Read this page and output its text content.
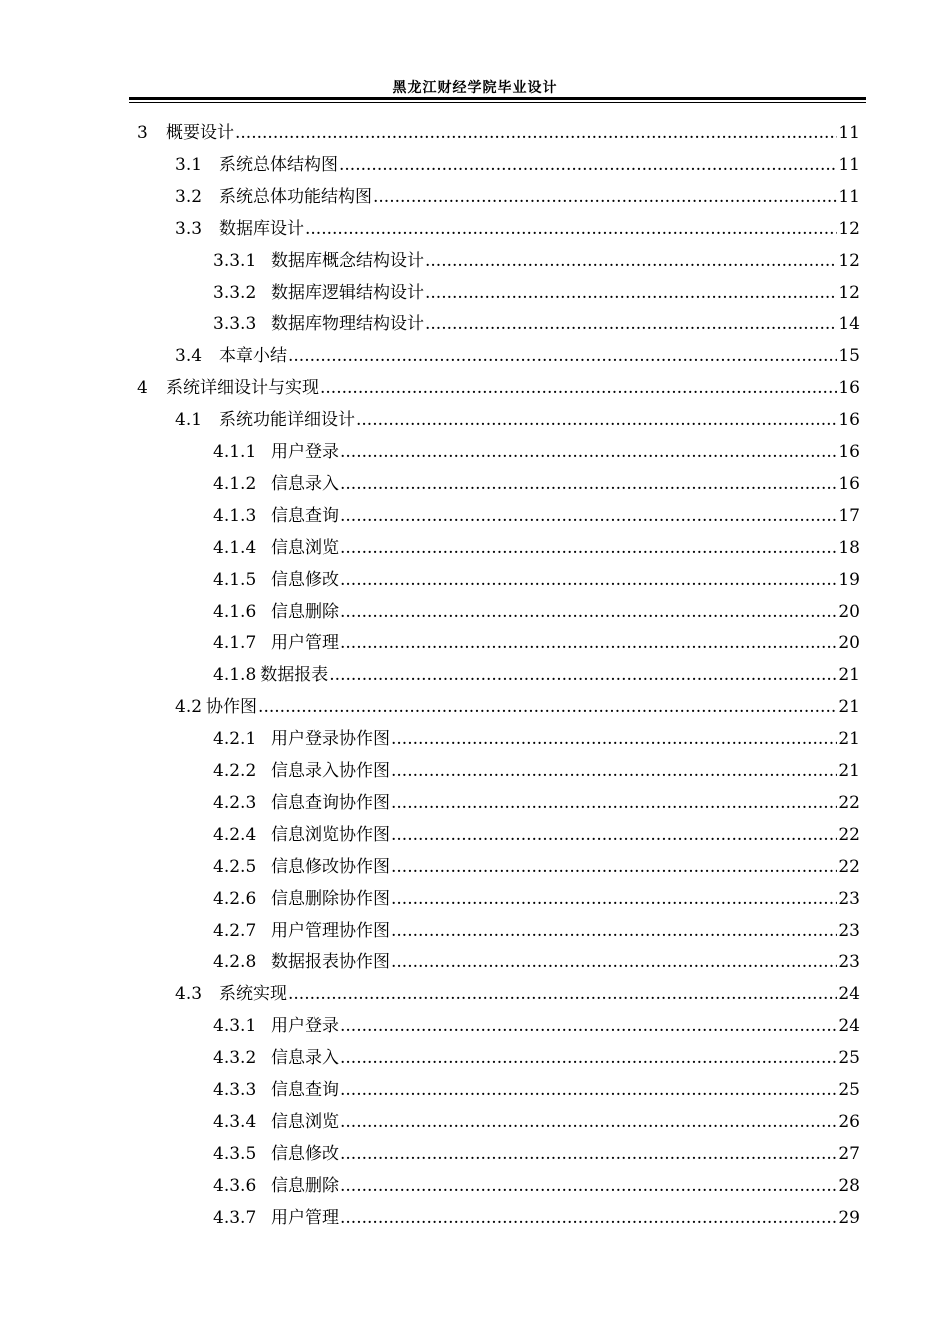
黑龙江财经学院毕业设计
3	概要设计 .....	11
3.1 系统总体结构图 .....	11
3.2 系统总体功能结构图 .....	11
3.3 数据库设计 .....	12
3.3.1 数据库概念结构设计 .....	12
3.3.2 数据库逻辑结构设计 .....	12
3.3.3 数据库物理结构设计 .....	14
3.4 本章小结 .....	15
4	系统详细设计与实现 .....	16
4.1 系统功能详细设计 .....	16
4.1.1 用户登录 .....	16
4.1.2 信息录入 .....	16
4.1.3 信息查询 .....	17
4.1.4 信息浏览 .....	18
4.1.5 信息修改 .....	19
4.1.6 信息删除 .....	20
4.1.7 用户管理 .....	20
4.1.8 数据报表 .....	21
4.2 协作图 .....	21
4.2.1 用户登录协作图 .....	21
4.2.2 信息录入协作图 .....	21
4.2.3 信息查询协作图 .....	22
4.2.4 信息浏览协作图 .....	22
4.2.5 信息修改协作图 .....	22
4.2.6 信息删除协作图 .....	23
4.2.7 用户管理协作图 .....	23
4.2.8 数据报表协作图 .....	23
4.3 系统实现 .....	24
4.3.1 用户登录 .....	24
4.3.2 信息录入 .....	25
4.3.3 信息查询 .....	25
4.3.4 信息浏览 .....	26
4.3.5 信息修改 .....	27
4.3.6 信息删除 .....	28
4.3.7 用户管理 .....	29
